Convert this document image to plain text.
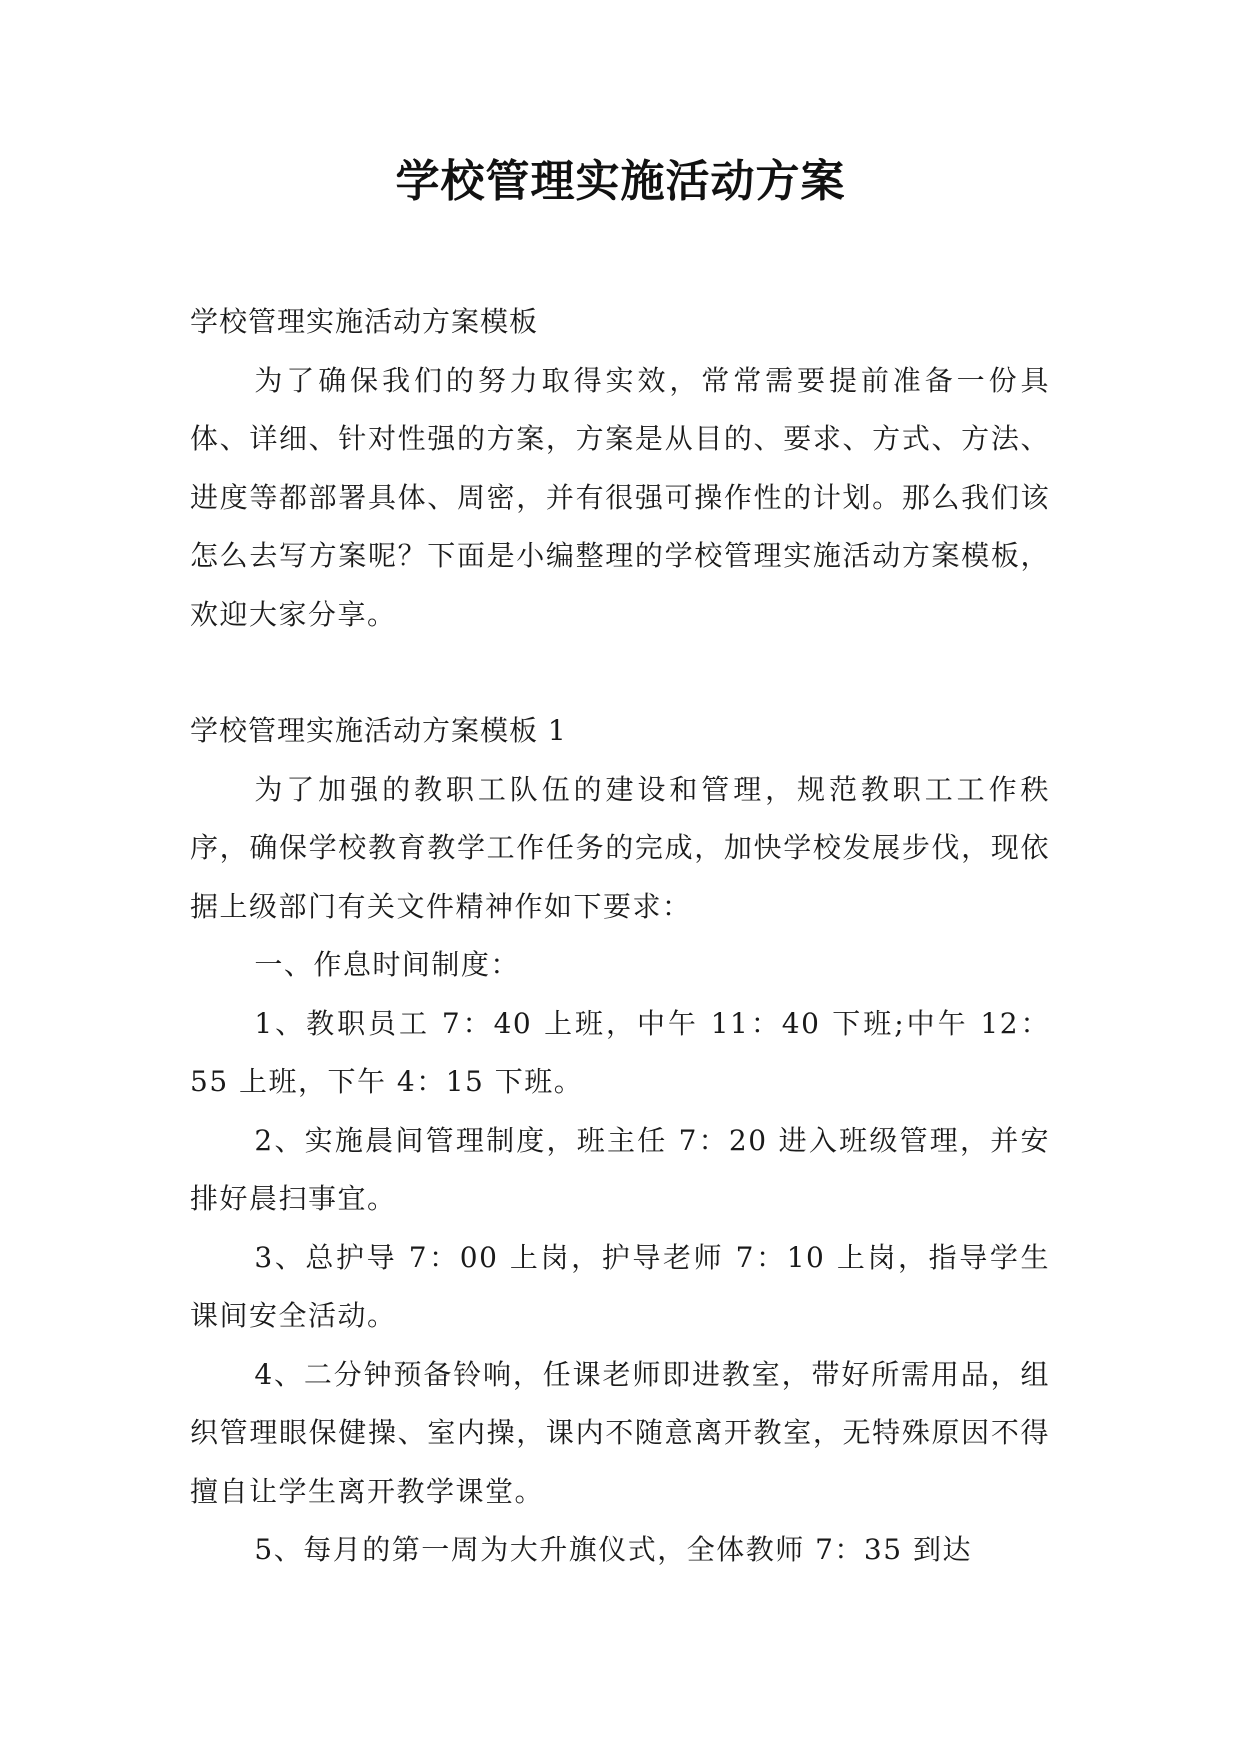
学校管理实施活动方案

学校管理实施活动方案模板

为了确保我们的努力取得实效，常常需要提前准备一份具体、详细、针对性强的方案，方案是从目的、要求、方式、方法、进度等都部署具体、周密，并有很强可操作性的计划。那么我们该怎么去写方案呢？下面是小编整理的学校管理实施活动方案模板，欢迎大家分享。

学校管理实施活动方案模板 1

为了加强的教职工队伍的建设和管理，规范教职工工作秩序，确保学校教育教学工作任务的完成，加快学校发展步伐，现依据上级部门有关文件精神作如下要求：

一、作息时间制度：

1、教职员工 7：40 上班，中午 11：40 下班;中午 12：55 上班，下午 4：15 下班。

2、实施晨间管理制度，班主任 7：20 进入班级管理，并安排好晨扫事宜。

3、总护导 7：00 上岗，护导老师 7：10 上岗，指导学生课间安全活动。

4、二分钟预备铃响，任课老师即进教室，带好所需用品，组织管理眼保健操、室内操，课内不随意离开教室，无特殊原因不得擅自让学生离开教学课堂。

5、每月的第一周为大升旗仪式，全体教师 7：35 到达
